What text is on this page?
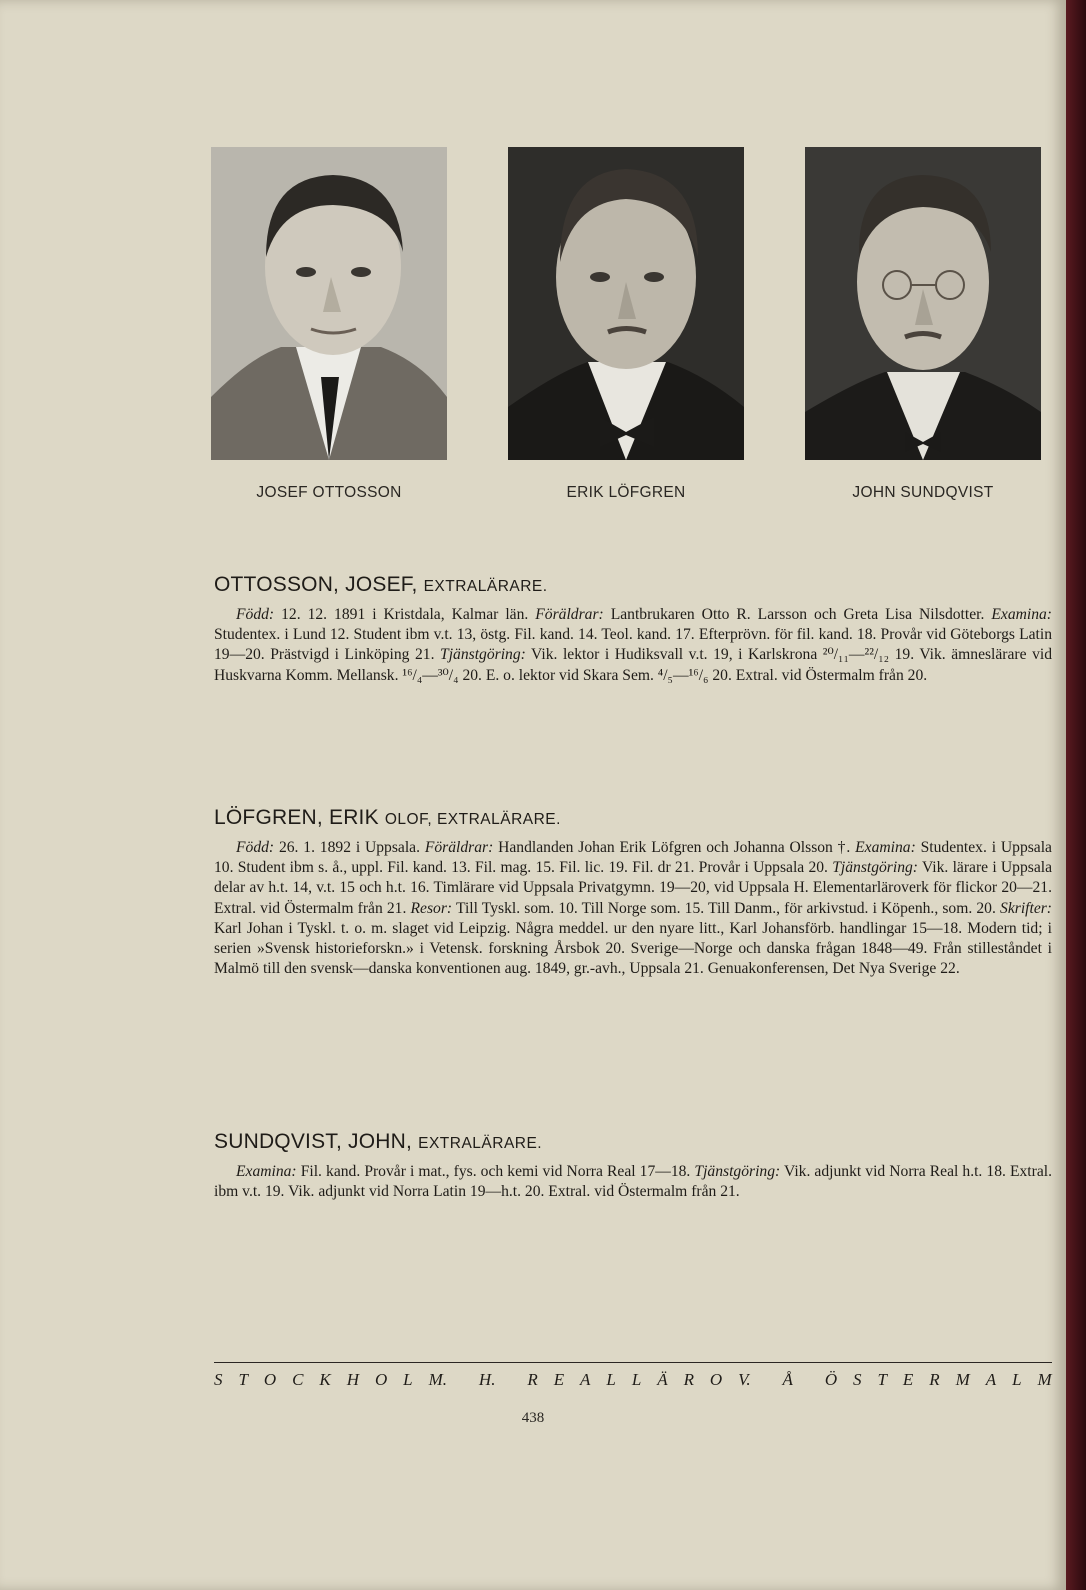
JOSEF OTTOSSON	ERIK LÖFGREN	JOHN SUNDQVIST
OTTOSSON, JOSEF, EXTRALÄRARE.

Född: 12. 12. 1891 i Kristdala, Kalmar län. Föräldrar: Lantbrukaren Otto R. Larsson och Greta Lisa Nilsdotter. Examina: Studentex. i Lund 12. Student ibm v.t. 13, östg. Fil. kand. 14. Teol. kand. 17. Efterprövn. för fil. kand. 18. Provår vid Göteborgs Latin 19—20. Prästvigd i Linköping 21. Tjänstgöring: Vik. lektor i Hudiksvall v.t. 19, i Karlskrona ²⁰/₁₁—²²/₁₂ 19. Vik. ämneslärare vid Huskvarna Komm. Mellansk. ¹⁶/₄—³⁰/₄ 20. E. o. lektor vid Skara Sem. ⁴/₅—¹⁶/₆ 20. Extral. vid Östermalm från 20.

LÖFGREN, ERIK OLOF, EXTRALÄRARE.

Född: 26. 1. 1892 i Uppsala. Föräldrar: Handlanden Johan Erik Löfgren och Johanna Olsson †. Examina: Studentex. i Uppsala 10. Student ibm s. å., uppl. Fil. kand. 13. Fil. mag. 15. Fil. lic. 19. Fil. dr 21. Provår i Uppsala 20. Tjänstgöring: Vik. lärare i Uppsala delar av h.t. 14, v.t. 15 och h.t. 16. Timlärare vid Uppsala Privatgymn. 19—20, vid Uppsala H. Elementarläroverk för flickor 20—21. Extral. vid Östermalm från 21. Resor: Till Tyskl. som. 10. Till Norge som. 15. Till Danm., för arkivstud. i Köpenh., som. 20. Skrifter: Karl Johan i Tyskl. t. o. m. slaget vid Leipzig. Några meddel. ur den nyare litt., Karl Johansförb. handlingar 15—18. Modern tid; i serien »Svensk historieforskn.» i Vetensk. forskning Årsbok 20. Sverige—Norge och danska frågan 1848—49. Från stilleståndet i Malmö till den svensk—danska konventionen aug. 1849, gr.-avh., Uppsala 21. Genuakonferensen, Det Nya Sverige 22.

SUNDQVIST, JOHN, EXTRALÄRARE.

Examina: Fil. kand. Provår i mat., fys. och kemi vid Norra Real 17—18. Tjänstgöring: Vik. adjunkt vid Norra Real h.t. 18. Extral. ibm v.t. 19. Vik. adjunkt vid Norra Latin 19—h.t. 20. Extral. vid Östermalm från 21.

S T O C K H O L M. H. R E A L L Ä R O V. Å Ö S T E R M A L M
438
